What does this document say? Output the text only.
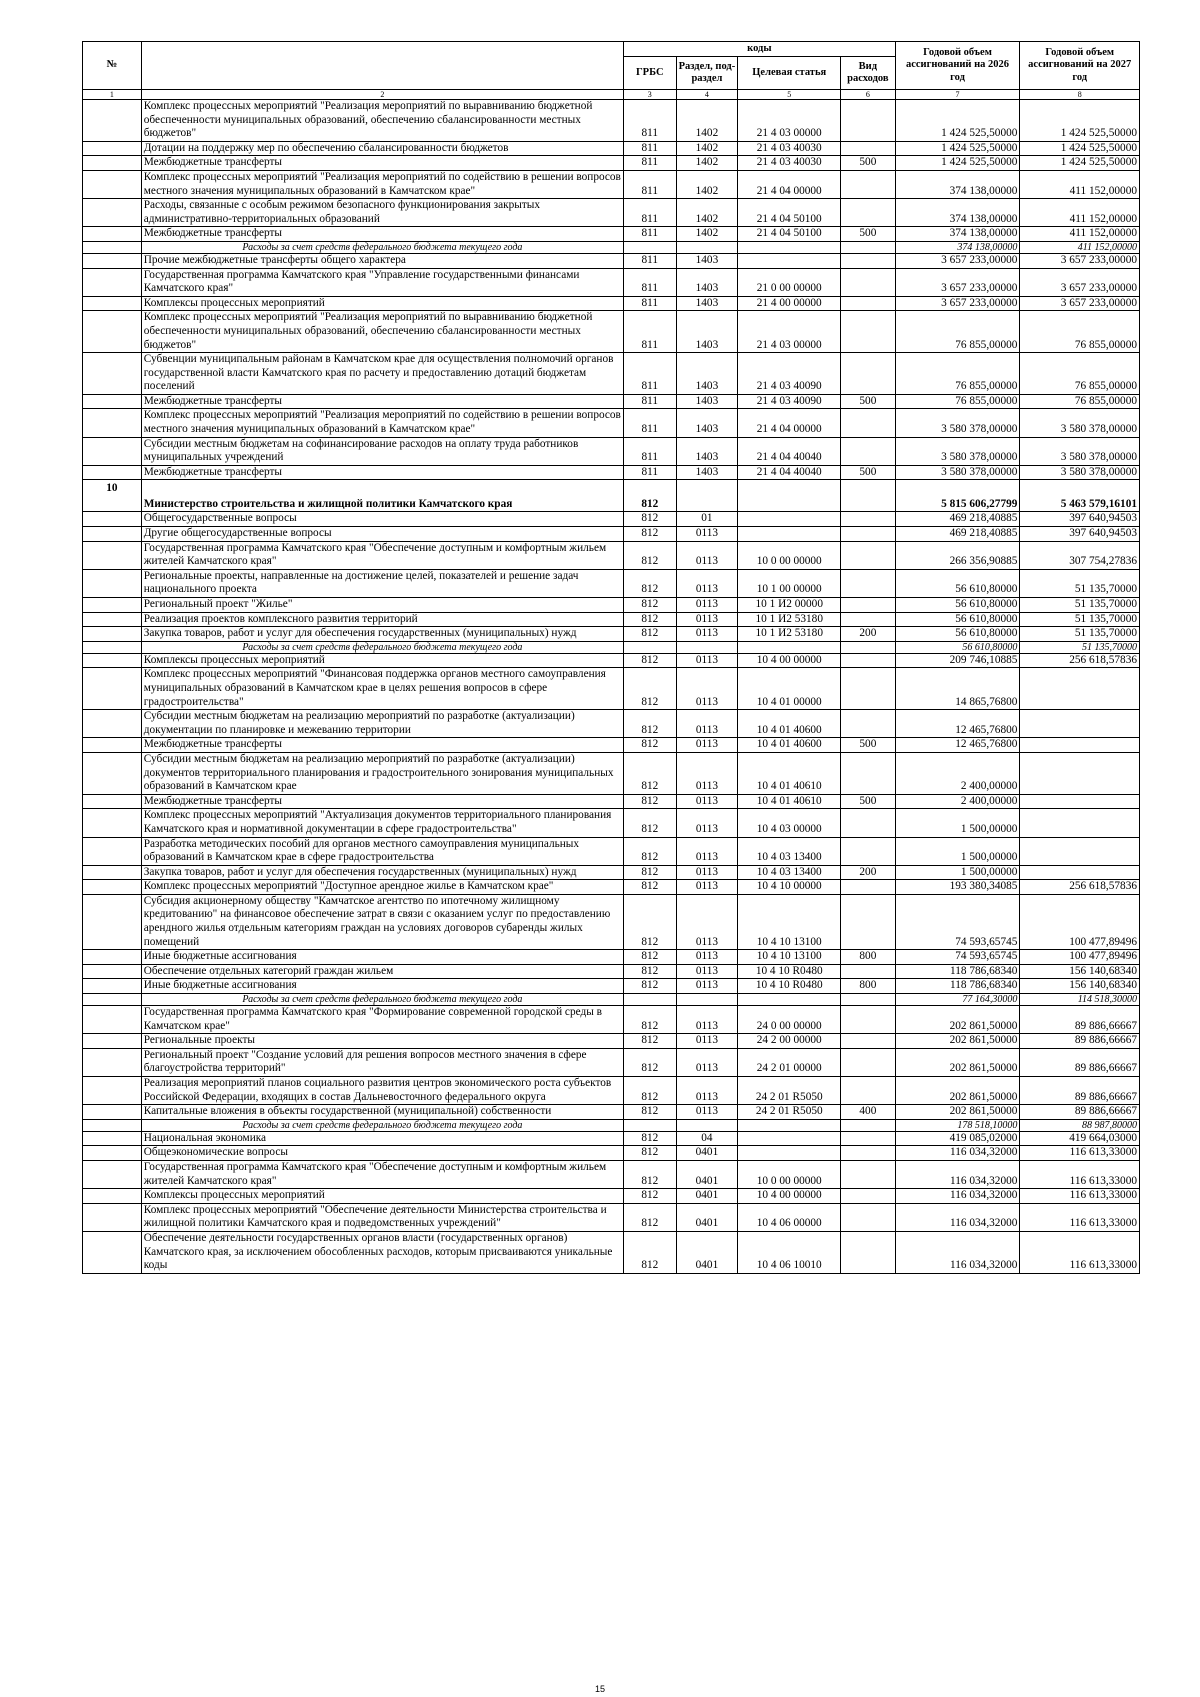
№		коды				Годовой объем ассигнований на 2026 год	Годовой объем ассигнований на 2027 год
		ГРБС	Раздел, под-раздел	Целевая статья	Вид расходов		
1	2	3	4	5	6	7	8
	Комплекс процессных мероприятий "Реализация мероприятий по выравниванию бюджетной обеспеченности муниципальных образований, обеспечению сбалансированности местных бюджетов"	811	1402	21 4 03 00000		1 424 525,50000	1 424 525,50000
	Дотации на поддержку мер по обеспечению сбалансированности бюджетов	811	1402	21 4 03 40030		1 424 525,50000	1 424 525,50000
	Межбюджетные трансферты	811	1402	21 4 03 40030	500	1 424 525,50000	1 424 525,50000
	Комплекс процессных мероприятий "Реализация мероприятий по содействию в решении вопросов местного значения муниципальных образований в Камчатском крае"	811	1402	21 4 04 00000		374 138,00000	411 152,00000
	Расходы, связанные с особым режимом безопасного функционирования закрытых административно-территориальных образований	811	1402	21 4 04 50100		374 138,00000	411 152,00000
	Межбюджетные трансферты	811	1402	21 4 04 50100	500	374 138,00000	411 152,00000
	Расходы за счет средств федерального бюджета текущего года					374 138,00000	411 152,00000
	Прочие межбюджетные трансферты общего характера	811	1403			3 657 233,00000	3 657 233,00000
	Государственная программа Камчатского края "Управление государственными финансами Камчатского края"	811	1403	21 0 00 00000		3 657 233,00000	3 657 233,00000
	Комплексы процессных мероприятий	811	1403	21 4 00 00000		3 657 233,00000	3 657 233,00000
	Комплекс процессных мероприятий "Реализация мероприятий по выравниванию бюджетной обеспеченности муниципальных образований, обеспечению сбалансированности местных бюджетов"	811	1403	21 4 03 00000		76 855,00000	76 855,00000
	Субвенции муниципальным районам в Камчатском крае для осуществления полномочий органов государственной власти Камчатского края по расчету и предоставлению дотаций бюджетам поселений	811	1403	21 4 03 40090		76 855,00000	76 855,00000
	Межбюджетные трансферты	811	1403	21 4 03 40090	500	76 855,00000	76 855,00000
	Комплекс процессных мероприятий "Реализация мероприятий по содействию в решении вопросов местного значения муниципальных образований в Камчатском крае"	811	1403	21 4 04 00000		3 580 378,00000	3 580 378,00000
	Субсидии местным бюджетам на софинансирование расходов на оплату труда работников муниципальных учреждений	811	1403	21 4 04 40040		3 580 378,00000	3 580 378,00000
	Межбюджетные трансферты	811	1403	21 4 04 40040	500	3 580 378,00000	3 580 378,00000
10	Министерство строительства и жилищной политики Камчатского края	812				5 815 606,27799	5 463 579,16101
	Общегосударственные вопросы	812	01			469 218,40885	397 640,94503
	Другие общегосударственные вопросы	812	0113			469 218,40885	397 640,94503
	Государственная программа Камчатского края "Обеспечение доступным и комфортным жильем жителей Камчатского края"	812	0113	10 0 00 00000		266 356,90885	307 754,27836
	Региональные проекты, направленные на достижение целей, показателей и решение задач национального проекта	812	0113	10 1 00 00000		56 610,80000	51 135,70000
	Региональный проект "Жилье"	812	0113	10 1 И2 00000		56 610,80000	51 135,70000
	Реализация проектов комплексного развития территорий	812	0113	10 1 И2 53180		56 610,80000	51 135,70000
	Закупка товаров, работ и услуг для обеспечения государственных (муниципальных) нужд	812	0113	10 1 И2 53180	200	56 610,80000	51 135,70000
	Расходы за счет средств федерального бюджета текущего года					56 610,80000	51 135,70000
	Комплексы процессных мероприятий	812	0113	10 4 00 00000		209 746,10885	256 618,57836
	Комплекс процессных мероприятий "Финансовая поддержка органов местного самоуправления муниципальных образований в Камчатском крае в целях решения вопросов в сфере градостроительства"	812	0113	10 4 01 00000		14 865,76800	
	Субсидии местным бюджетам на реализацию мероприятий по разработке (актуализации) документации по планировке и межеванию территории	812	0113	10 4 01 40600		12 465,76800	
	Межбюджетные трансферты	812	0113	10 4 01 40600	500	12 465,76800	
	Субсидии местным бюджетам на реализацию мероприятий по разработке (актуализации) документов территориального планирования и градостроительного зонирования муниципальных образований в Камчатском крае	812	0113	10 4 01 40610		2 400,00000	
	Межбюджетные трансферты	812	0113	10 4 01 40610	500	2 400,00000	
	Комплекс процессных мероприятий "Актуализация документов территориального планирования Камчатского края и нормативной документации в сфере градостроительства"	812	0113	10 4 03 00000		1 500,00000	
	Разработка методических пособий для органов местного самоуправления муниципальных образований в Камчатском крае в сфере градостроительства	812	0113	10 4 03 13400		1 500,00000	
	Закупка товаров, работ и услуг для обеспечения государственных (муниципальных) нужд	812	0113	10 4 03 13400	200	1 500,00000	
	Комплекс процессных мероприятий "Доступное арендное жилье в Камчатском крае"	812	0113	10 4 10 00000		193 380,34085	256 618,57836
	Субсидия акционерному обществу "Камчатское агентство по ипотечному жилищному кредитованию" на финансовое обеспечение затрат в связи с оказанием услуг по предоставлению арендного жилья отдельным категориям граждан на условиях договоров субаренды жилых помещений	812	0113	10 4 10 13100		74 593,65745	100 477,89496
	Иные бюджетные ассигнования	812	0113	10 4 10 13100	800	74 593,65745	100 477,89496
	Обеспечение отдельных категорий граждан жильем	812	0113	10 4 10 R0480		118 786,68340	156 140,68340
	Иные бюджетные ассигнования	812	0113	10 4 10 R0480	800	118 786,68340	156 140,68340
	Расходы за счет средств федерального бюджета текущего года					77 164,30000	114 518,30000
	Государственная программа Камчатского края "Формирование современной городской среды в Камчатском крае"	812	0113	24 0 00 00000		202 861,50000	89 886,66667
	Региональные проекты	812	0113	24 2 00 00000		202 861,50000	89 886,66667
	Региональный проект "Создание условий для решения вопросов местного значения в сфере благоустройства территорий"	812	0113	24 2 01 00000		202 861,50000	89 886,66667
	Реализация мероприятий планов социального развития центров экономического роста субъектов Российской Федерации, входящих в состав Дальневосточного федерального округа	812	0113	24 2 01 R5050		202 861,50000	89 886,66667
	Капитальные вложения в объекты государственной (муниципальной) собственности	812	0113	24 2 01 R5050	400	202 861,50000	89 886,66667
	Расходы за счет средств федерального бюджета текущего года					178 518,10000	88 987,80000
	Национальная экономика	812	04			419 085,02000	419 664,03000
	Общеэкономические вопросы	812	0401			116 034,32000	116 613,33000
	Государственная программа Камчатского края "Обеспечение доступным и комфортным жильем жителей Камчатского края"	812	0401	10 0 00 00000		116 034,32000	116 613,33000
	Комплексы процессных мероприятий	812	0401	10 4 00 00000		116 034,32000	116 613,33000
	Комплекс процессных мероприятий "Обеспечение деятельности Министерства строительства и жилищной политики Камчатского края и подведомственных учреждений"	812	0401	10 4 06 00000		116 034,32000	116 613,33000
	Обеспечение деятельности государственных органов власти (государственных органов) Камчатского края, за исключением обособленных расходов, которым присваиваются уникальные коды	812	0401	10 4 06 10010		116 034,32000	116 613,33000
15
